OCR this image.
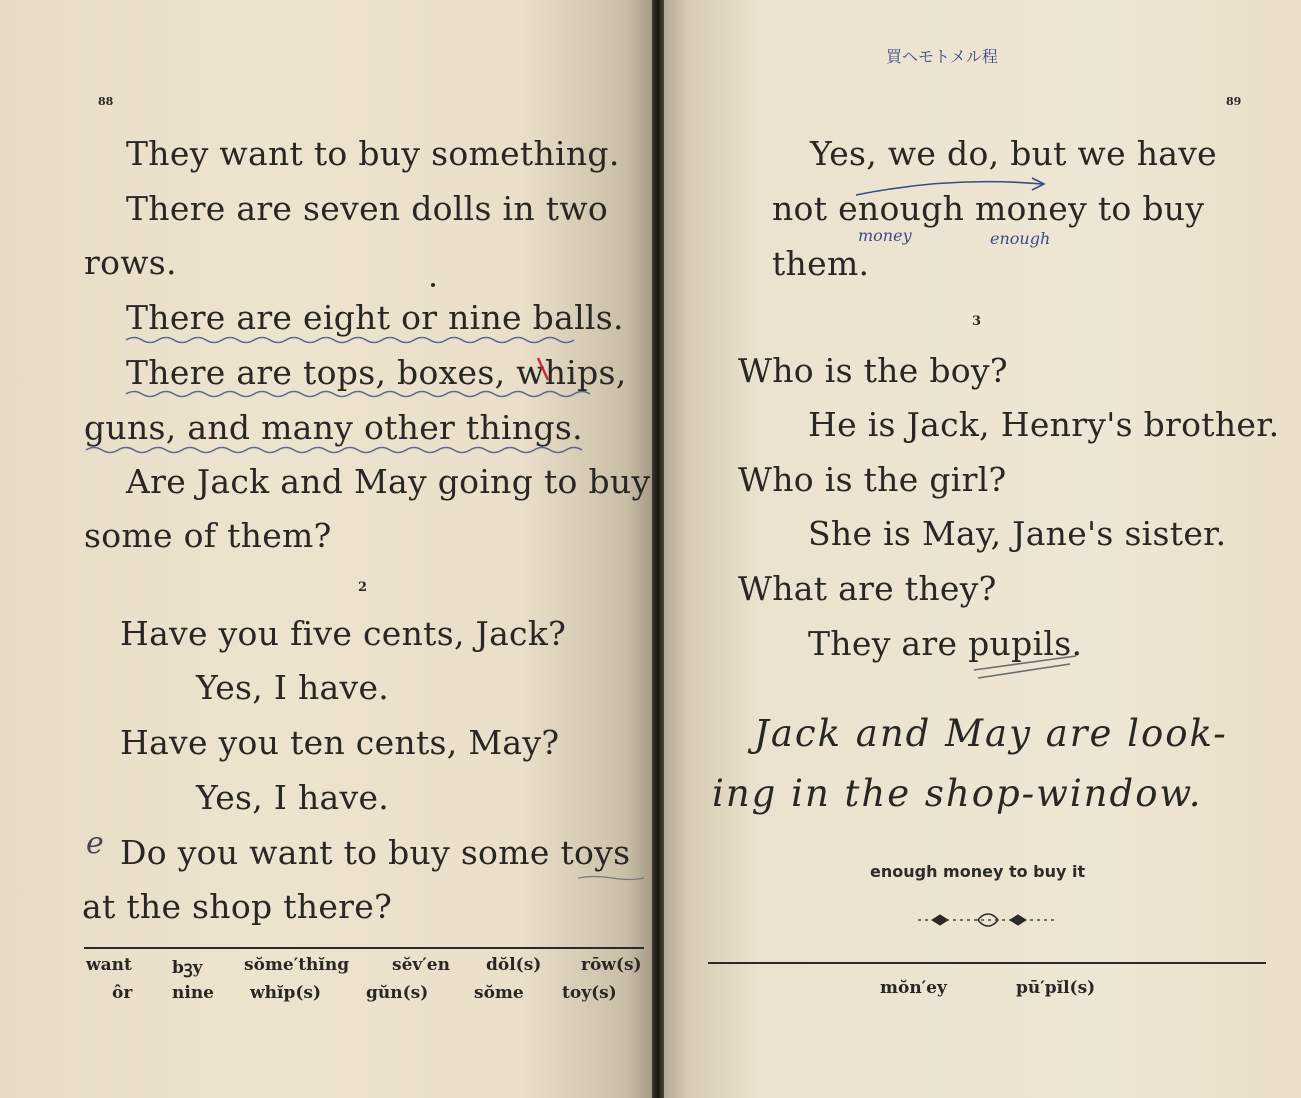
88
They want to buy something.
There are seven dolls in two
rows.
There are eight or nine balls.
There are tops, boxes, whips,
guns, and many other things.
Are Jack and May going to buy
some of them?
2
Have you five cents, Jack?
Yes, I have.
Have you ten cents, May?
Yes, I have.
e Do you want to buy some toys
at the shop there?
want bꝫy sŏme′thĭng	sĕv′en dŏl(s) rōw(s)
ôr nine whĭp(s)	gŭn(s)	sŏme toy(s)
買ヘモトメル程
89
Yes, we do, but we have
not enough money to buy
money	enough
them.
3
Who is the boy?
He is Jack, Henry's brother.
Who is the girl?
She is May, Jane's sister.
What are they?
They are pupils.
Jack and May are look-
ing in the shop-window.
enough money to buy it
mŏn′ey	pū′pĭl(s)
